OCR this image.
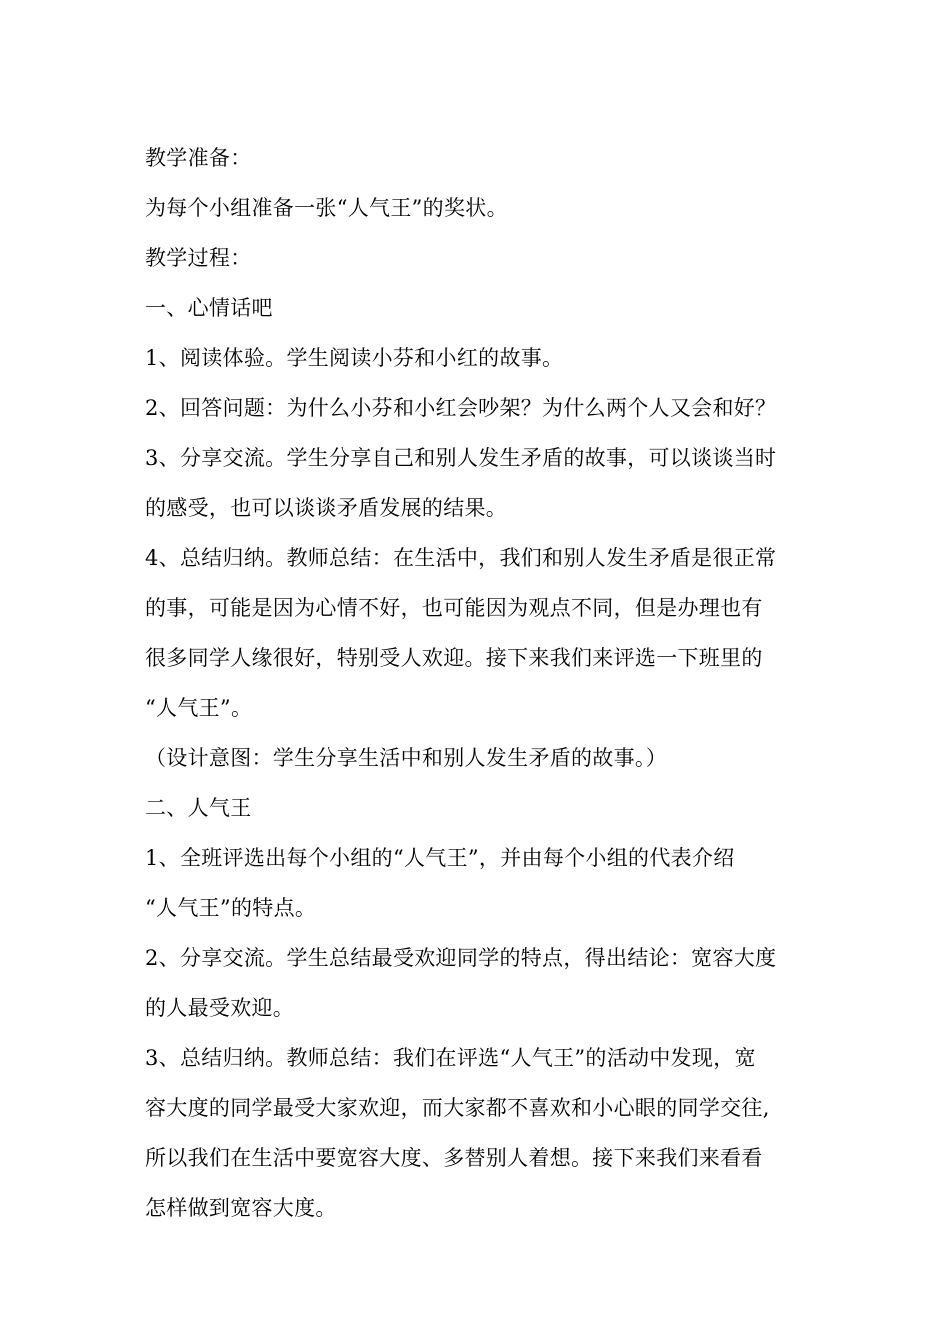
教学准备：
为每个小组准备一张“人气王”的奖状。
教学过程：
一、心情话吧
1、阅读体验。学生阅读小芬和小红的故事。
2、回答问题：为什么小芬和小红会吵架？为什么两个人又会和好？
3、分享交流。学生分享自己和别人发生矛盾的故事，可以谈谈当时
的感受，也可以谈谈矛盾发展的结果。
4、总结归纳。教师总结：在生活中，我们和别人发生矛盾是很正常
的事，可能是因为心情不好，也可能因为观点不同，但是办理也有
很多同学人缘很好，特别受人欢迎。接下来我们来评选一下班里的
“人气王”。
（设计意图：学生分享生活中和别人发生矛盾的故事。）
二、人气王
1、全班评选出每个小组的“人气王”，并由每个小组的代表介绍
“人气王”的特点。
2、分享交流。学生总结最受欢迎同学的特点，得出结论：宽容大度
的人最受欢迎。
3、总结归纳。教师总结：我们在评选“人气王”的活动中发现，宽
容大度的同学最受大家欢迎，而大家都不喜欢和小心眼的同学交往,
所以我们在生活中要宽容大度、多替别人着想。接下来我们来看看
怎样做到宽容大度。
